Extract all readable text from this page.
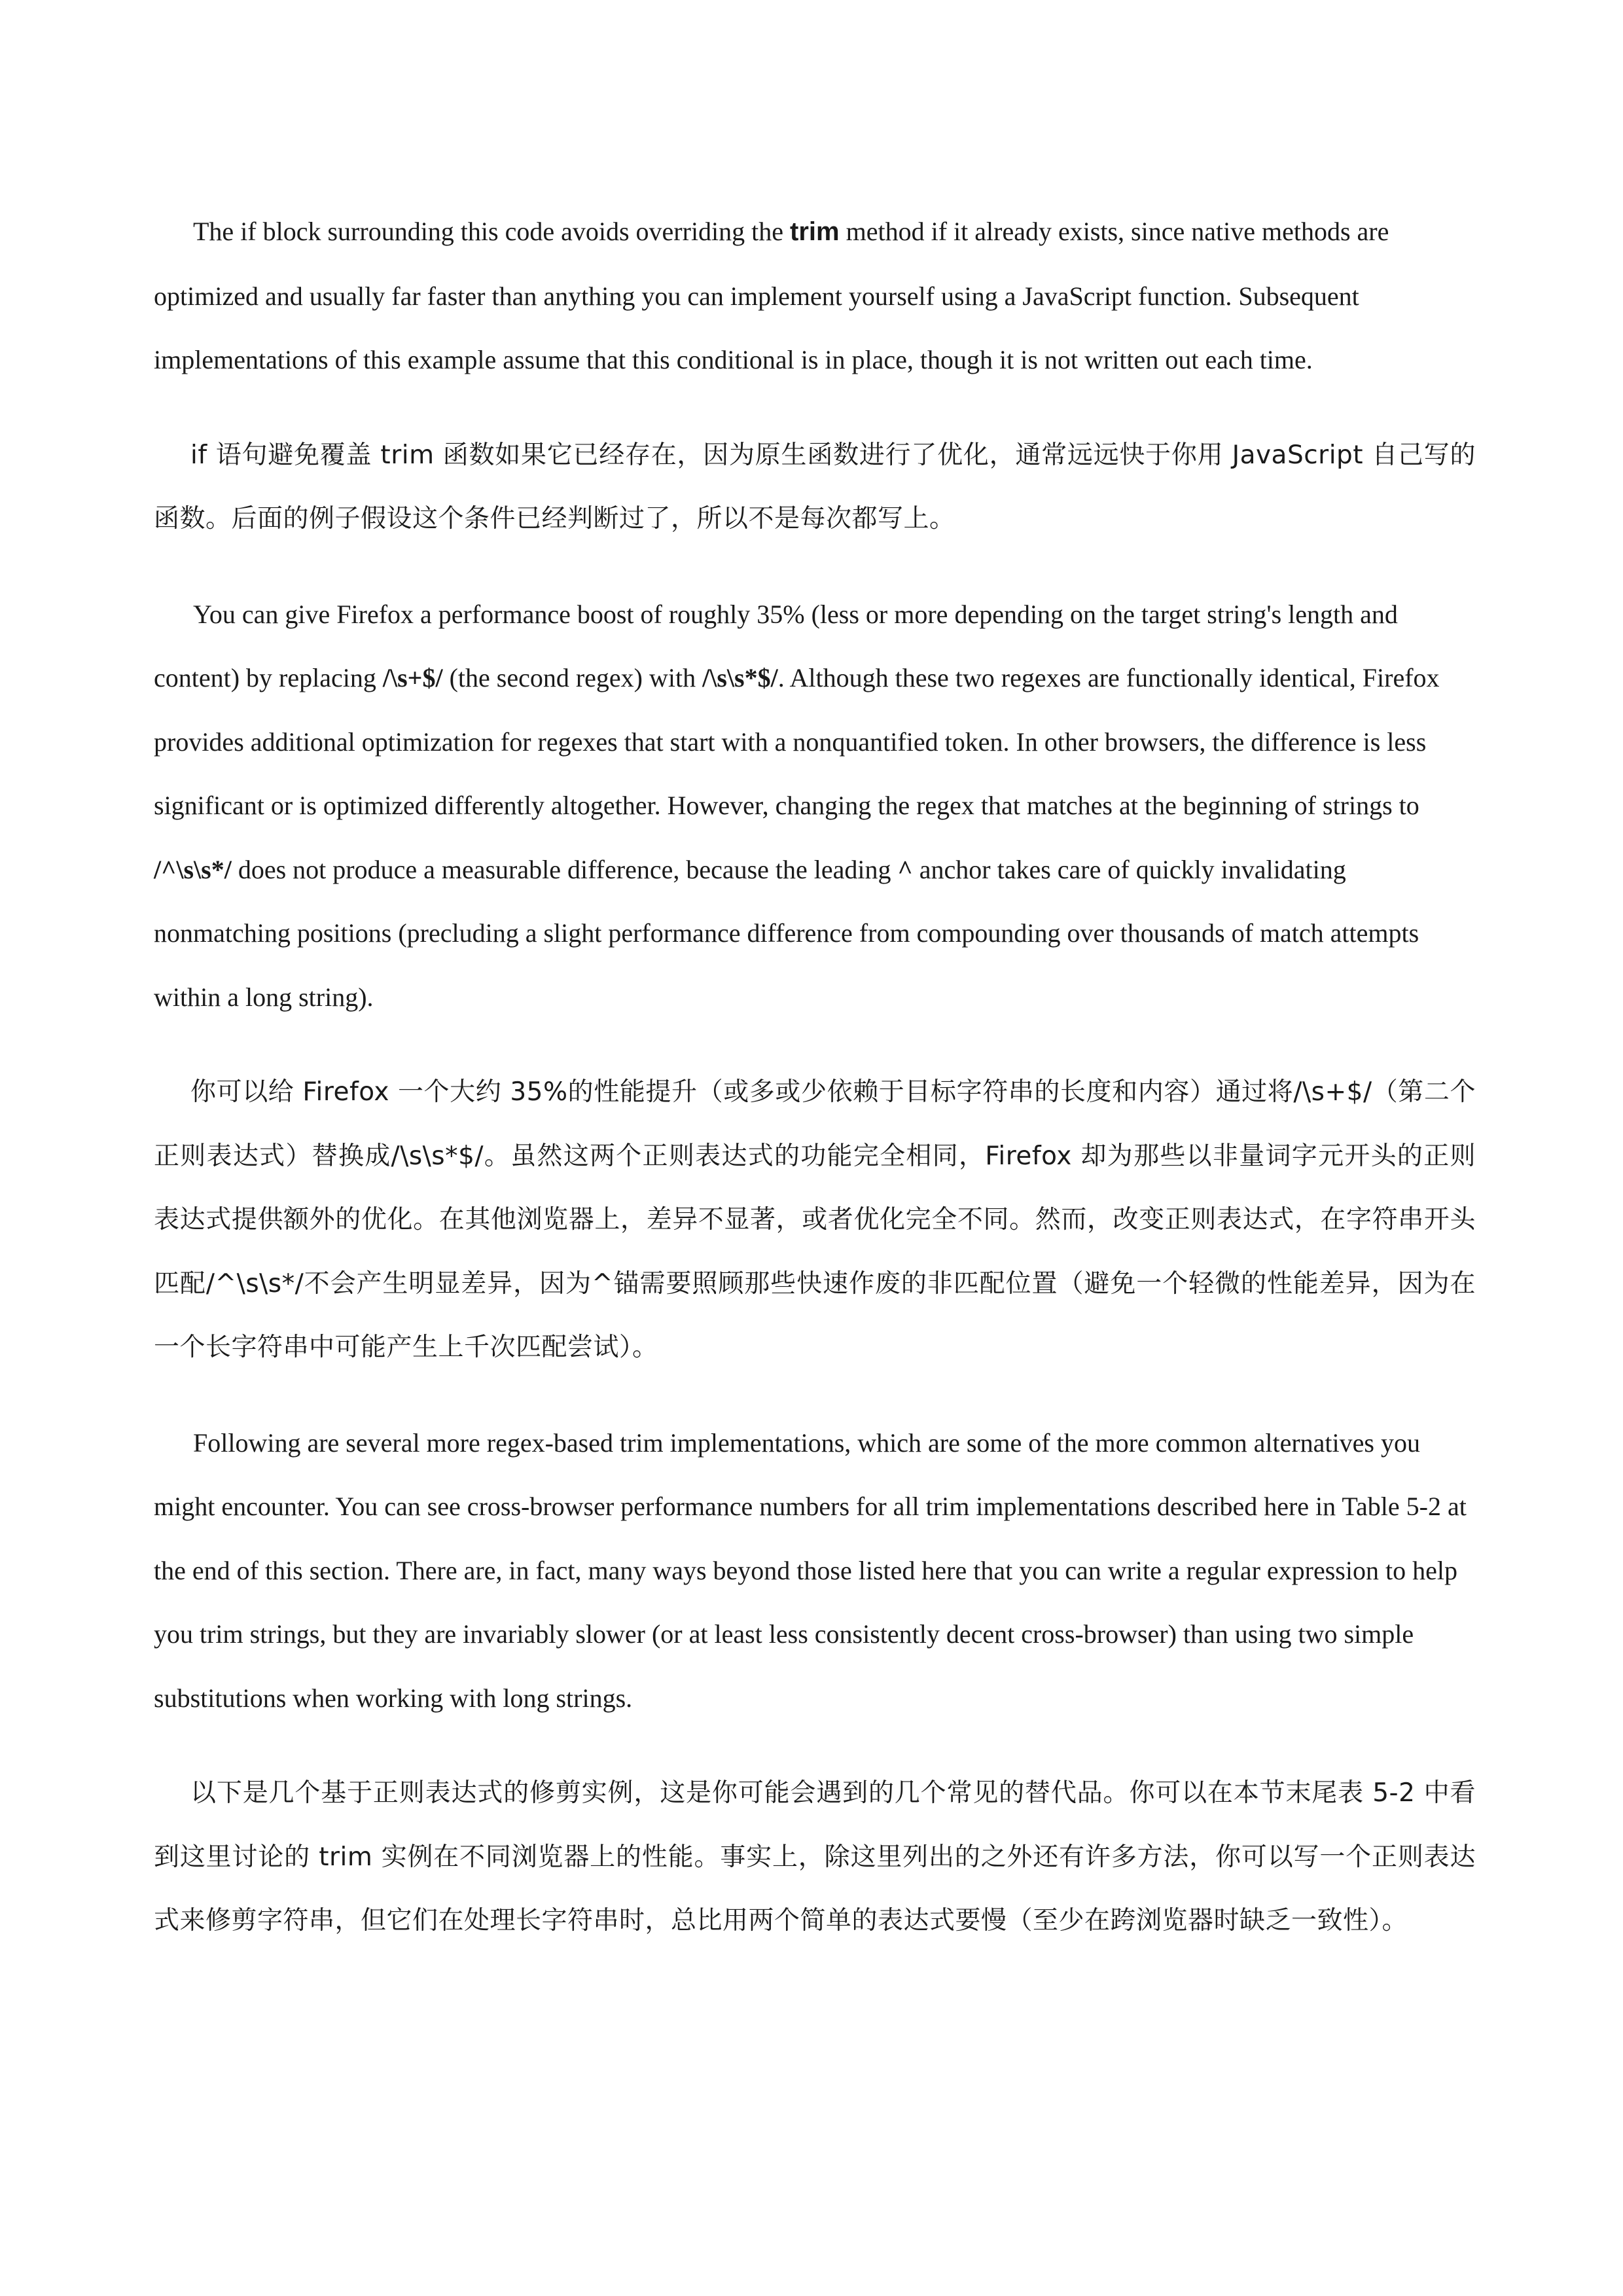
The if block surrounding this code avoids overriding the trim method if it already exists, since native methods are optimized and usually far faster than anything you can implement yourself using a JavaScript function. Subsequent implementations of this example assume that this conditional is in place, though it is not written out each time.

if 语句避免覆盖 trim 函数如果它已经存在，因为原生函数进行了优化，通常远远快于你用 JavaScript 自己写的函数。后面的例子假设这个条件已经判断过了，所以不是每次都写上。

You can give Firefox a performance boost of roughly 35% (less or more depending on the target string's length and content) by replacing /\s+$/ (the second regex) with /\s\s*$/. Although these two regexes are functionally identical, Firefox provides additional optimization for regexes that start with a nonquantified token. In other browsers, the difference is less significant or is optimized differently altogether. However, changing the regex that matches at the beginning of strings to /^\s\s*/ does not produce a measurable difference, because the leading ^ anchor takes care of quickly invalidating nonmatching positions (precluding a slight performance difference from compounding over thousands of match attempts within a long string).

你可以给 Firefox 一个大约 35%的性能提升（或多或少依赖于目标字符串的长度和内容）通过将/\s+$/（第二个正则表达式）替换成/\s\s*$/。虽然这两个正则表达式的功能完全相同，Firefox 却为那些以非量词字元开头的正则表达式提供额外的优化。在其他浏览器上，差异不显著，或者优化完全不同。然而，改变正则表达式，在字符串开头匹配/^\s\s*/不会产生明显差异，因为^锚需要照顾那些快速作废的非匹配位置（避免一个轻微的性能差异，因为在一个长字符串中可能产生上千次匹配尝试）。

Following are several more regex-based trim implementations, which are some of the more common alternatives you might encounter. You can see cross-browser performance numbers for all trim implementations described here in Table 5-2 at the end of this section. There are, in fact, many ways beyond those listed here that you can write a regular expression to help you trim strings, but they are invariably slower (or at least less consistently decent cross-browser) than using two simple substitutions when working with long strings.

以下是几个基于正则表达式的修剪实例，这是你可能会遇到的几个常见的替代品。你可以在本节末尾表 5-2 中看到这里讨论的 trim 实例在不同浏览器上的性能。事实上，除这里列出的之外还有许多方法，你可以写一个正则表达式来修剪字符串，但它们在处理长字符串时，总比用两个简单的表达式要慢（至少在跨浏览器时缺乏一致性）。
